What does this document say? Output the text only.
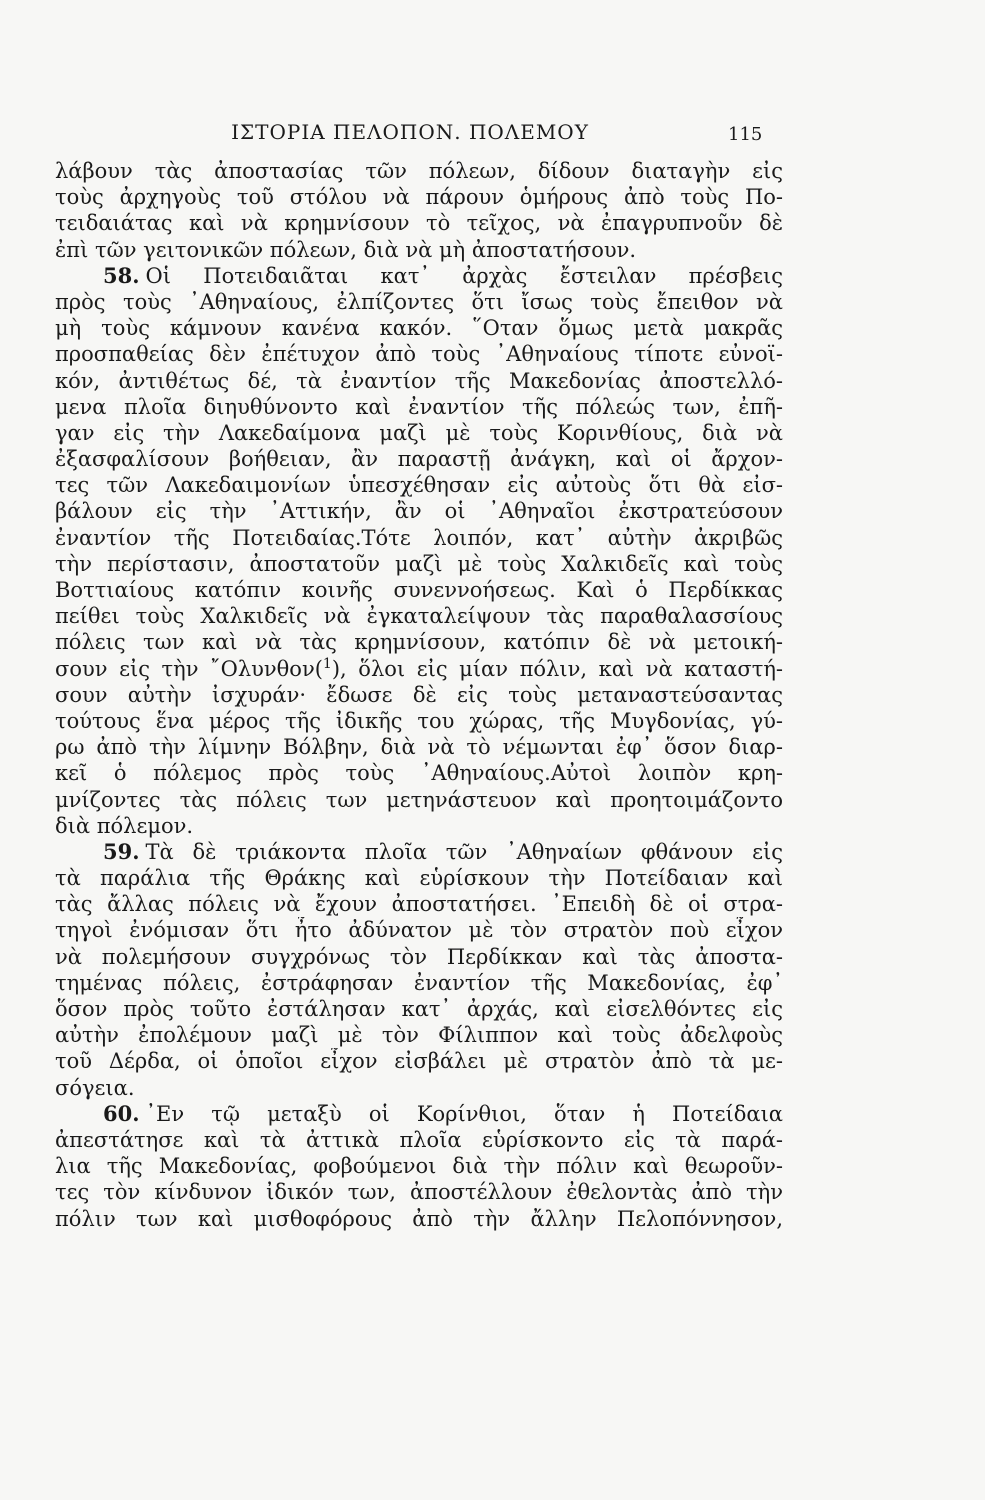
ΙΣΤΟΡΙΑ ΠΕΛΟΠΟΝ. ΠΟΛΕΜΟΥ	115
λάβουν τὰς ἀποστασίας τῶν πόλεων, δίδουν διαταγὴν εἰς
τοὺς ἀρχηγοὺς τοῦ στόλου νὰ πάρουν ὁμήρους ἀπὸ τοὺς Πο-
τειδαιάτας καὶ νὰ κρημνίσουν τὸ τεῖχος, νὰ ἐπαγρυπνοῦν δὲ
ἐπὶ τῶν γειτονικῶν πόλεων, διὰ νὰ μὴ ἀποστατήσουν.
58. Οἱ Ποτειδαιᾶται κατ᾿ ἀρχὰς ἔστειλαν πρέσβεις
πρὸς τοὺς ᾿Αθηναίους, ἐλπίζοντες ὅτι ἴσως τοὺς ἔπειθον νὰ
μὴ τοὺς κάμνουν κανένα κακόν. ῞Οταν ὅμως μετὰ μακρᾶς
προσπαθείας δὲν ἐπέτυχον ἀπὸ τοὺς ᾿Αθηναίους τίποτε εὐνοϊ-
κόν, ἀντιθέτως δέ, τὰ ἐναντίον τῆς Μακεδονίας ἀποστελλό-
μενα πλοῖα διηυθύνοντο καὶ ἐναντίον τῆς πόλεώς των, ἐπῆ-
γαν εἰς τὴν Λακεδαίμονα μαζὶ μὲ τοὺς Κορινθίους, διὰ νὰ
ἐξασφαλίσουν βοήθειαν, ἂν παραστῇ ἀνάγκη, καὶ οἱ ἄρχον-
τες τῶν Λακεδαιμονίων ὑπεσχέθησαν εἰς αὐτοὺς ὅτι θὰ εἰσ-
βάλουν εἰς τὴν ᾿Αττικήν, ἂν οἱ ᾿Αθηναῖοι ἐκστρατεύσουν
ἐναντίον τῆς Ποτειδαίας.Τότε λοιπόν, κατ᾿ αὐτὴν ἀκριβῶς
τὴν περίστασιν, ἀποστατοῦν μαζὶ μὲ τοὺς Χαλκιδεῖς καὶ τοὺς
Βοττιαίους κατόπιν κοινῆς συνεννοήσεως. Καὶ ὁ Περδίκκας
πείθει τοὺς Χαλκιδεῖς νὰ ἐγκαταλείψουν τὰς παραθαλασσίους
πόλεις των καὶ νὰ τὰς κρημνίσουν, κατόπιν δὲ νὰ μετοική-
σουν εἰς τὴν ῎Ολυνθον($^1$), ὅλοι εἰς μίαν πόλιν, καὶ νὰ καταστή-
σουν αὐτὴν ἰσχυράν· ἔδωσε δὲ εἰς τοὺς μεταναστεύσαντας
τούτους ἕνα μέρος τῆς ἰδικῆς του χώρας, τῆς Μυγδονίας, γύ-
ρω ἀπὸ τὴν λίμνην Βόλβην, διὰ νὰ τὸ νέμωνται ἐφ᾿ ὅσον διαρ-
κεῖ ὁ πόλεμος πρὸς τοὺς ᾿Αθηναίους.Αὐτοὶ λοιπὸν κρη-
μνίζοντες τὰς πόλεις των μετηνάστευον καὶ προητοιμάζοντο
διὰ πόλεμον.
59. Τὰ δὲ τριάκοντα πλοῖα τῶν ᾿Αθηναίων φθάνουν εἰς
τὰ παράλια τῆς Θράκης καὶ εὑρίσκουν τὴν Ποτείδαιαν καὶ
τὰς ἄλλας πόλεις νὰ ἔχουν ἀποστατήσει. ᾿Επειδὴ δὲ οἱ στρα-
τηγοὶ ἐνόμισαν ὅτι ἦτο ἀδύνατον μὲ τὸν στρατὸν ποὺ εἶχον
νὰ πολεμήσουν συγχρόνως τὸν Περδίκκαν καὶ τὰς ἀποστα-
τημένας πόλεις, ἐστράφησαν ἐναντίον τῆς Μακεδονίας, ἐφ᾿
ὅσον πρὸς τοῦτο ἐστάλησαν κατ᾿ ἀρχάς, καὶ εἰσελθόντες εἰς
αὐτὴν ἐπολέμουν μαζὶ μὲ τὸν Φίλιππον καὶ τοὺς ἀδελφοὺς
τοῦ Δέρδα, οἱ ὁποῖοι εἶχον εἰσβάλει μὲ στρατὸν ἀπὸ τὰ με-
σόγεια.
60. ᾿Εν τῷ μεταξὺ οἱ Κορίνθιοι, ὅταν ἡ Ποτείδαια
ἀπεστάτησε καὶ τὰ ἀττικὰ πλοῖα εὑρίσκοντο εἰς τὰ παρά-
λια τῆς Μακεδονίας, φοβούμενοι διὰ τὴν πόλιν καὶ θεωροῦν-
τες τὸν κίνδυνον ἰδικόν των, ἀποστέλλουν ἐθελοντὰς ἀπὸ τὴν
πόλιν των καὶ μισθοφόρους ἀπὸ τὴν ἄλλην Πελοπόννησον,
